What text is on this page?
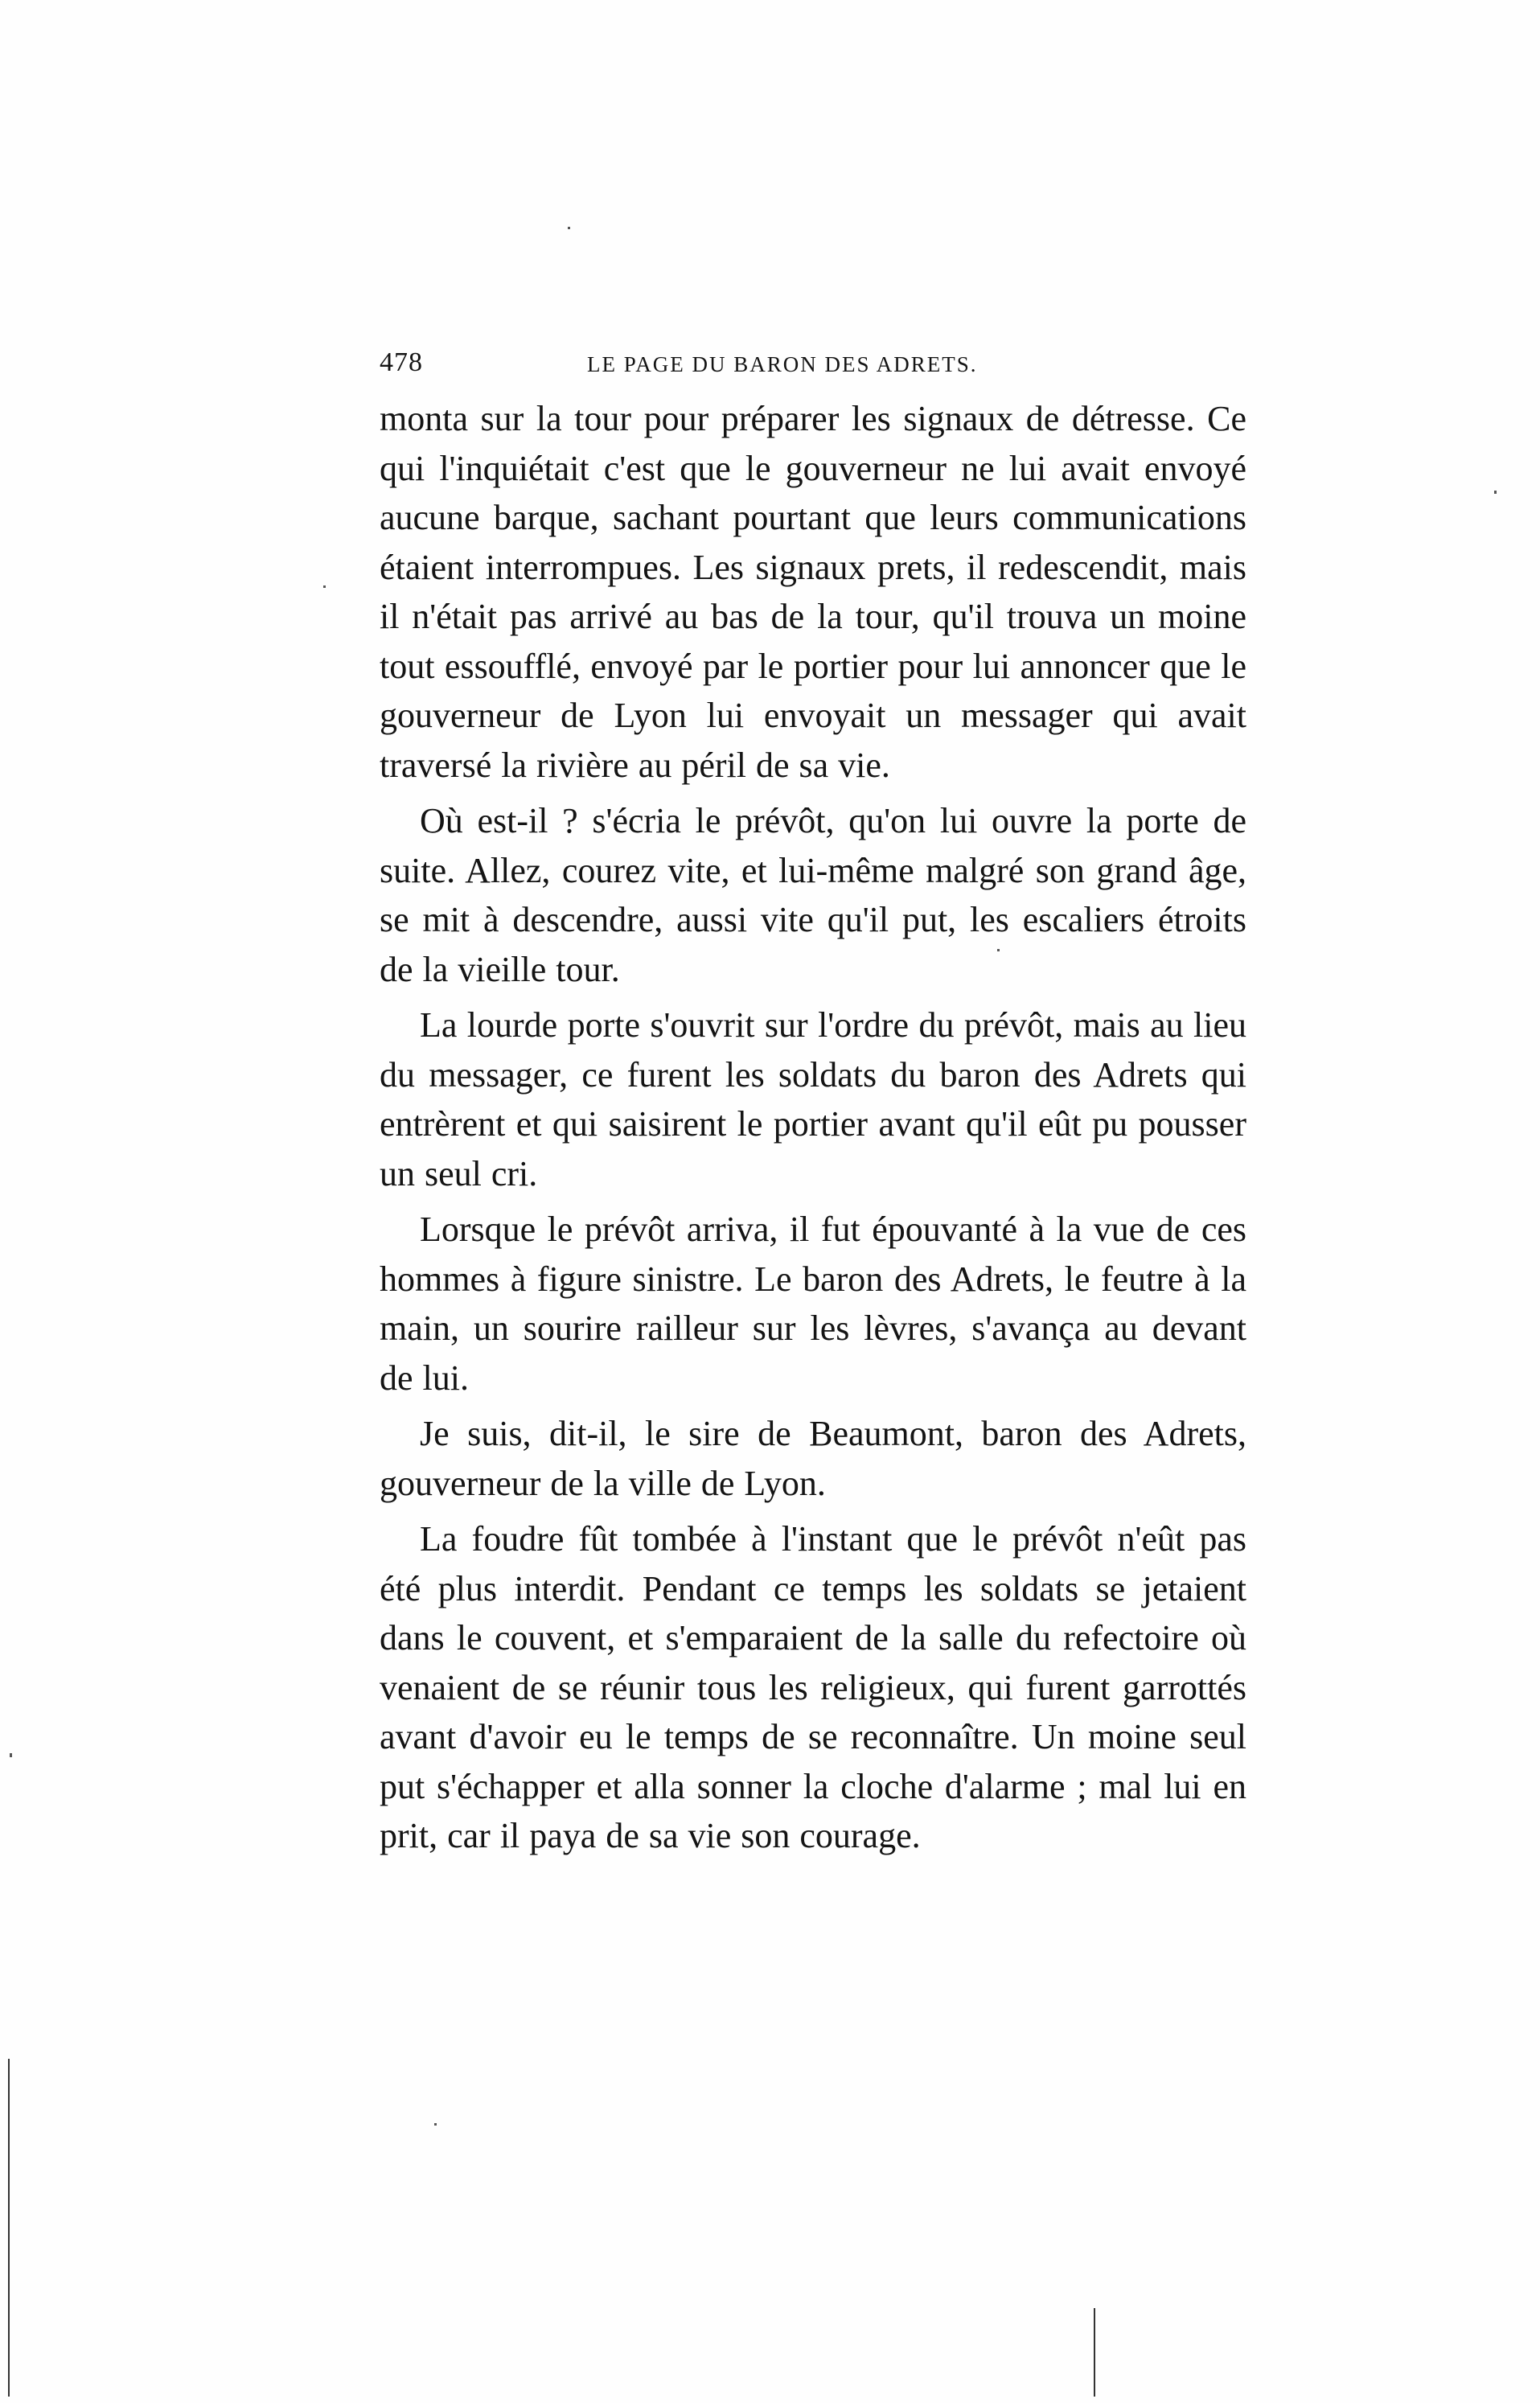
478	LE PAGE DU BARON DES ADRETS.

monta sur la tour pour préparer les signaux de détresse. Ce qui l'inquiétait c'est que le gouverneur ne lui avait envoyé aucune barque, sachant pourtant que leurs communications étaient interrompues. Les signaux prets, il redescendit, mais il n'était pas arrivé au bas de la tour, qu'il trouva un moine tout essoufflé, envoyé par le portier pour lui annoncer que le gouverneur de Lyon lui envoyait un messager qui avait traversé la rivière au péril de sa vie.

Où est-il ? s'écria le prévôt, qu'on lui ouvre la porte de suite. Allez, courez vite, et lui-même malgré son grand âge, se mit à descendre, aussi vite qu'il put, les escaliers étroits de la vieille tour.

La lourde porte s'ouvrit sur l'ordre du prévôt, mais au lieu du messager, ce furent les soldats du baron des Adrets qui entrèrent et qui saisirent le portier avant qu'il eût pu pousser un seul cri.

Lorsque le prévôt arriva, il fut épouvanté à la vue de ces hommes à figure sinistre. Le baron des Adrets, le feutre à la main, un sourire railleur sur les lèvres, s'avança au devant de lui.

Je suis, dit-il, le sire de Beaumont, baron des Adrets, gouverneur de la ville de Lyon.

La foudre fût tombée à l'instant que le prévôt n'eût pas été plus interdit. Pendant ce temps les soldats se jetaient dans le couvent, et s'emparaient de la salle du refectoire où venaient de se réunir tous les religieux, qui furent garrottés avant d'avoir eu le temps de se reconnaître. Un moine seul put s'échapper et alla sonner la cloche d'alarme ; mal lui en prit, car il paya de sa vie son courage.
